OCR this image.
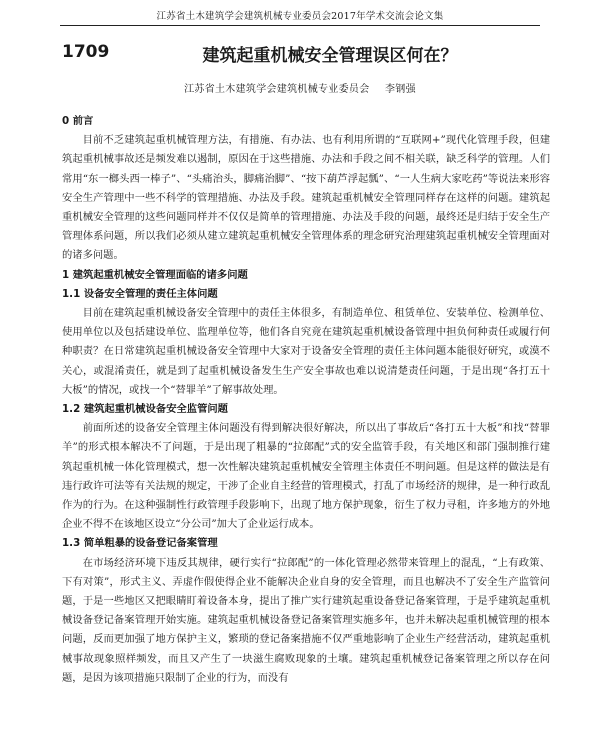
江苏省土木建筑学会建筑机械专业委员会2017年学术交流会论文集
1709	建筑起重机械安全管理误区何在？
江苏省土木建筑学会建筑机械专业委员会 李钢强

0 前言

目前不乏建筑起重机械管理方法，有措施、有办法、也有利用所谓的“互联网+”现代化管理手段，但建筑起重机械事故还是频发难以遏制，原因在于这些措施、办法和手段之间不相关联，缺乏科学的管理。人们常用“东一榔头西一棒子”、“头痛治头，脚痛治脚”、“按下葫芦浮起瓢”、“一人生病大家吃药”等说法来形容安全生产管理中一些不科学的管理措施、办法及手段。建筑起重机械安全管理同样存在这样的问题。建筑起重机械安全管理的这些问题同样并不仅仅是简单的管理措施、办法及手段的问题，最终还是归结于安全生产管理体系问题，所以我们必须从建立建筑起重机械安全管理体系的理念研究治理建筑起重机械安全管理面对的诸多问题。

1 建筑起重机械安全管理面临的诸多问题

1.1 设备安全管理的责任主体问题

目前在建筑起重机械设备安全管理中的责任主体很多，有制造单位、租赁单位、安装单位、检测单位、使用单位以及包括建设单位、监理单位等，他们各自究竟在建筑起重机械设备管理中担负何种责任或履行何种职责？在日常建筑起重机械设备安全管理中大家对于设备安全管理的责任主体问题本能很好研究，或漠不关心，或混淆责任，就是到了起重机械设备发生生产安全事故也难以说清楚责任问题，于是出现“各打五十大板”的情况，或找一个“替罪羊”了解事故处理。

1.2 建筑起重机械设备安全监管问题

前面所述的设备安全管理主体问题没有得到解决很好解决，所以出了事故后“各打五十大板”和找“替罪羊”的形式根本解决不了问题，于是出现了粗暴的“拉郎配”式的安全监管手段，有关地区和部门强制推行建筑起重机械一体化管理模式，想一次性解决建筑起重机械安全管理主体责任不明问题。但是这样的做法是有违行政许可法等有关法规的规定，干涉了企业自主经营的管理模式，打乱了市场经济的规律，是一种行政乱作为的行为。在这种强制性行政管理手段影响下，出现了地方保护现象，衍生了权力寻租，许多地方的外地企业不得不在该地区设立“分公司”加大了企业运行成本。

1.3 简单粗暴的设备登记备案管理

在市场经济环境下违反其规律，硬行实行“拉郎配”的一体化管理必然带来管理上的混乱，“上有政策、下有对策”，形式主义、弄虚作假使得企业不能解决企业自身的安全管理，而且也解决不了安全生产监管问题，于是一些地区又把眼睛盯着设备本身，提出了推广实行建筑起重设备登记备案管理，于是乎建筑起重机械设备登记备案管理开始实施。建筑起重机械设备登记备案管理实施多年，也并未解决起重机械管理的根本问题，反而更加强了地方保护主义，繁琐的登记备案措施不仅严重地影响了企业生产经营活动，建筑起重机械事故现象照样频发，而且又产生了一块滋生腐败现象的土壤。建筑起重机械登记备案管理之所以存在问题，是因为该项措施只限制了企业的行为，而没有
